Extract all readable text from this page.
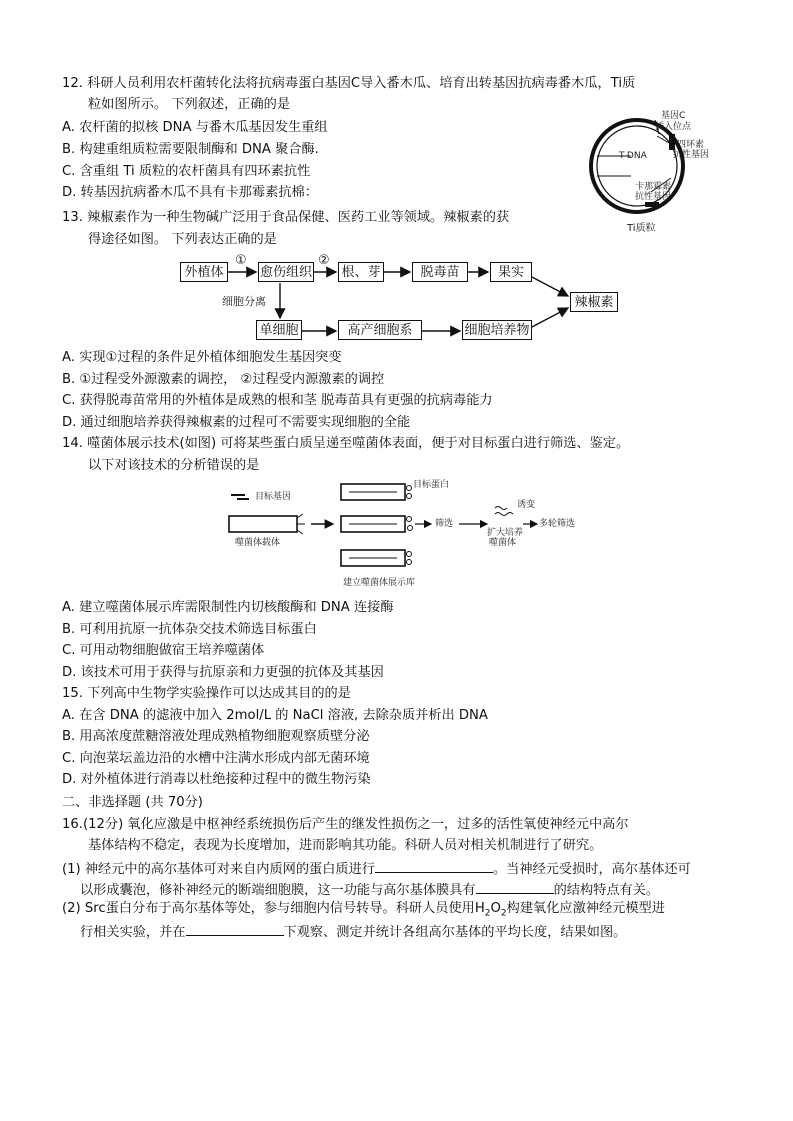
12. 科研人员利用农杆菌转化法将抗病毒蛋白基因C导入番木瓜、培育出转基因抗病毒番木瓜，Ti质
粒如图所示。 下列叙述，正确的是
A. 农杆菌的拟核 DNA 与番木瓜基因发生重组
B. 构建重组质粒需要限制酶和 DNA 聚合酶.
C. 含重组 Ti 质粒的农杆菌具有四环素抗性
D. 转基因抗病番木瓜不具有卡那霉素抗棉：
T-DNA
基因C
插入位点
四环素
抗性基因
卡那霉素
抗性基因
Ti质粒
13. 辣椒素作为一种生物碱广泛用于食品保健、医药工业等领域。辣椒素的获
得途径如图。 下列表达正确的是
外植体	愈伤组织 根、芽	脱毒苗	果实
辣椒素
单细胞	高产细胞系	细胞培养物
①	②
细胞分离
A. 实现①过程的条件足外植体细胞发生基因突变
B. ①过程受外源激素的调控， ②过程受内源激素的调控
C. 获得脱毒苗常用的外植体是成熟的根和茎 脱毒苗具有更强的抗病毒能力
D. 通过细胞培养获得辣椒素的过程可不需要实现细胞的全能
14. 噬菌体展示技术(如图) 可将某些蛋白质呈递至噬菌体表面，便于对目标蛋白进行筛选、鉴定。
以下对该技术的分析错误的是
目标基因
目标蛋白
噬菌体载体
筛选
诱变
扩大培养
噬菌体
多轮筛选
建立噬菌体展示库
A. 建立噬菌体展示库需限制性内切核酸酶和 DNA 连接酶
B. 可利用抗原一抗体杂交技术筛选目标蛋白
C. 可用动物细胞做宿王培养噬菌体
D. 该技术可用于获得与抗原亲和力更强的抗体及其基因
15. 下列高中生物学实验操作可以达成其目的的是
A. 在含 DNA 的滤液中加入 2mol/L 的 NaCl 溶液, 去除杂质并析出 DNA
B. 用高浓度蔗糖溶液处理成熟植物细胞观察质壁分泌
C. 向泡菜坛盖边沿的水槽中注满水形成内部无菌环境
D. 对外植体进行消毒以杜绝接种过程中的微生物污染
二、非选择题 (共 70分)
16.(12分) 氧化应激是中枢神经系统损伤后产生的继发性损伤之一，过多的活性氧使神经元中高尔
基体结构不稳定，表现为长度增加，进而影响其功能。科研人员对相关机制进行了研究。
(1) 神经元中的高尔基体可对来自内质网的蛋白质进行	。当神经元受损时，高尔基体还可
以形成囊泡，修补神经元的断端细胞膜，这一功能与高尔基体膜具有	的结构特点有关。
(2) Src蛋白分布于高尔基体等处，参与细胞内信号转导。科研人员使用$H_2O_2$构建氧化应激神经元模型进
行相关实验，并在	下观察、测定并统计各组高尔基体的平均长度，结果如图。
